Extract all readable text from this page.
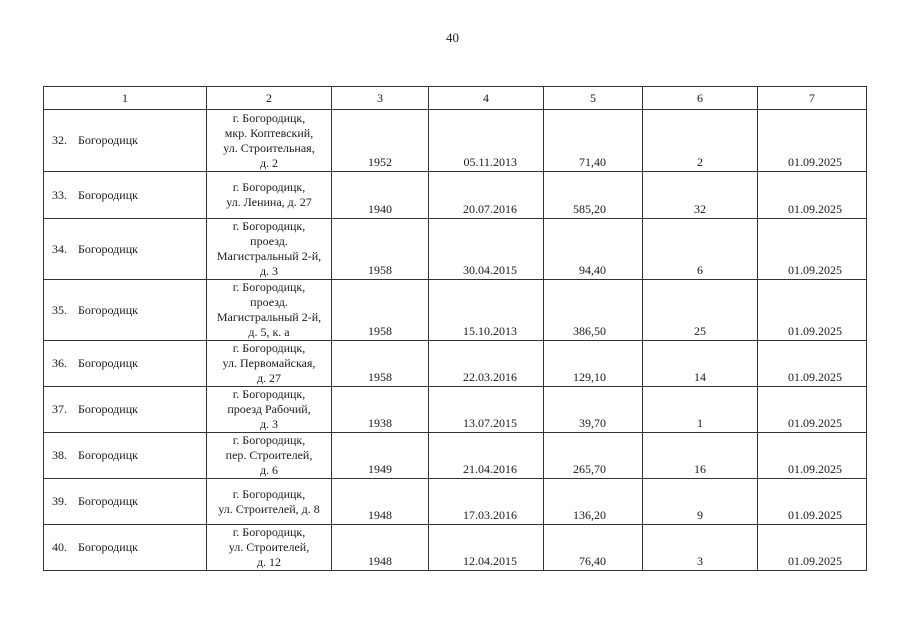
40
1	2	3	4	5	6	7
32. Богородицк	г. Богородицк,
мкр. Коптевский,
ул. Строительная,
д. 2	1952	05.11.2013	71,40	2	01.09.2025
33. Богородицк	г. Богородицк,
ул. Ленина, д. 27	1940	20.07.2016	585,20	32	01.09.2025
34. Богородицк	г. Богородицк,
проезд.
Магистральный 2-й,
д. 3	1958	30.04.2015	94,40	6	01.09.2025
35. Богородицк	г. Богородицк,
проезд.
Магистральный 2-й,
д. 5, к. а	1958	15.10.2013	386,50	25	01.09.2025
36. Богородицк	г. Богородицк,
ул. Первомайская,
д. 27	1958	22.03.2016	129,10	14	01.09.2025
37. Богородицк	г. Богородицк,
проезд Рабочий,
д. 3	1938	13.07.2015	39,70	1	01.09.2025
38. Богородицк	г. Богородицк,
пер. Строителей,
д. 6	1949	21.04.2016	265,70	16	01.09.2025
39. Богородицк	г. Богородицк,
ул. Строителей, д. 8	1948	17.03.2016	136,20	9	01.09.2025
40. Богородицк	г. Богородицк,
ул. Строителей,
д. 12	1948	12.04.2015	76,40	3	01.09.2025
